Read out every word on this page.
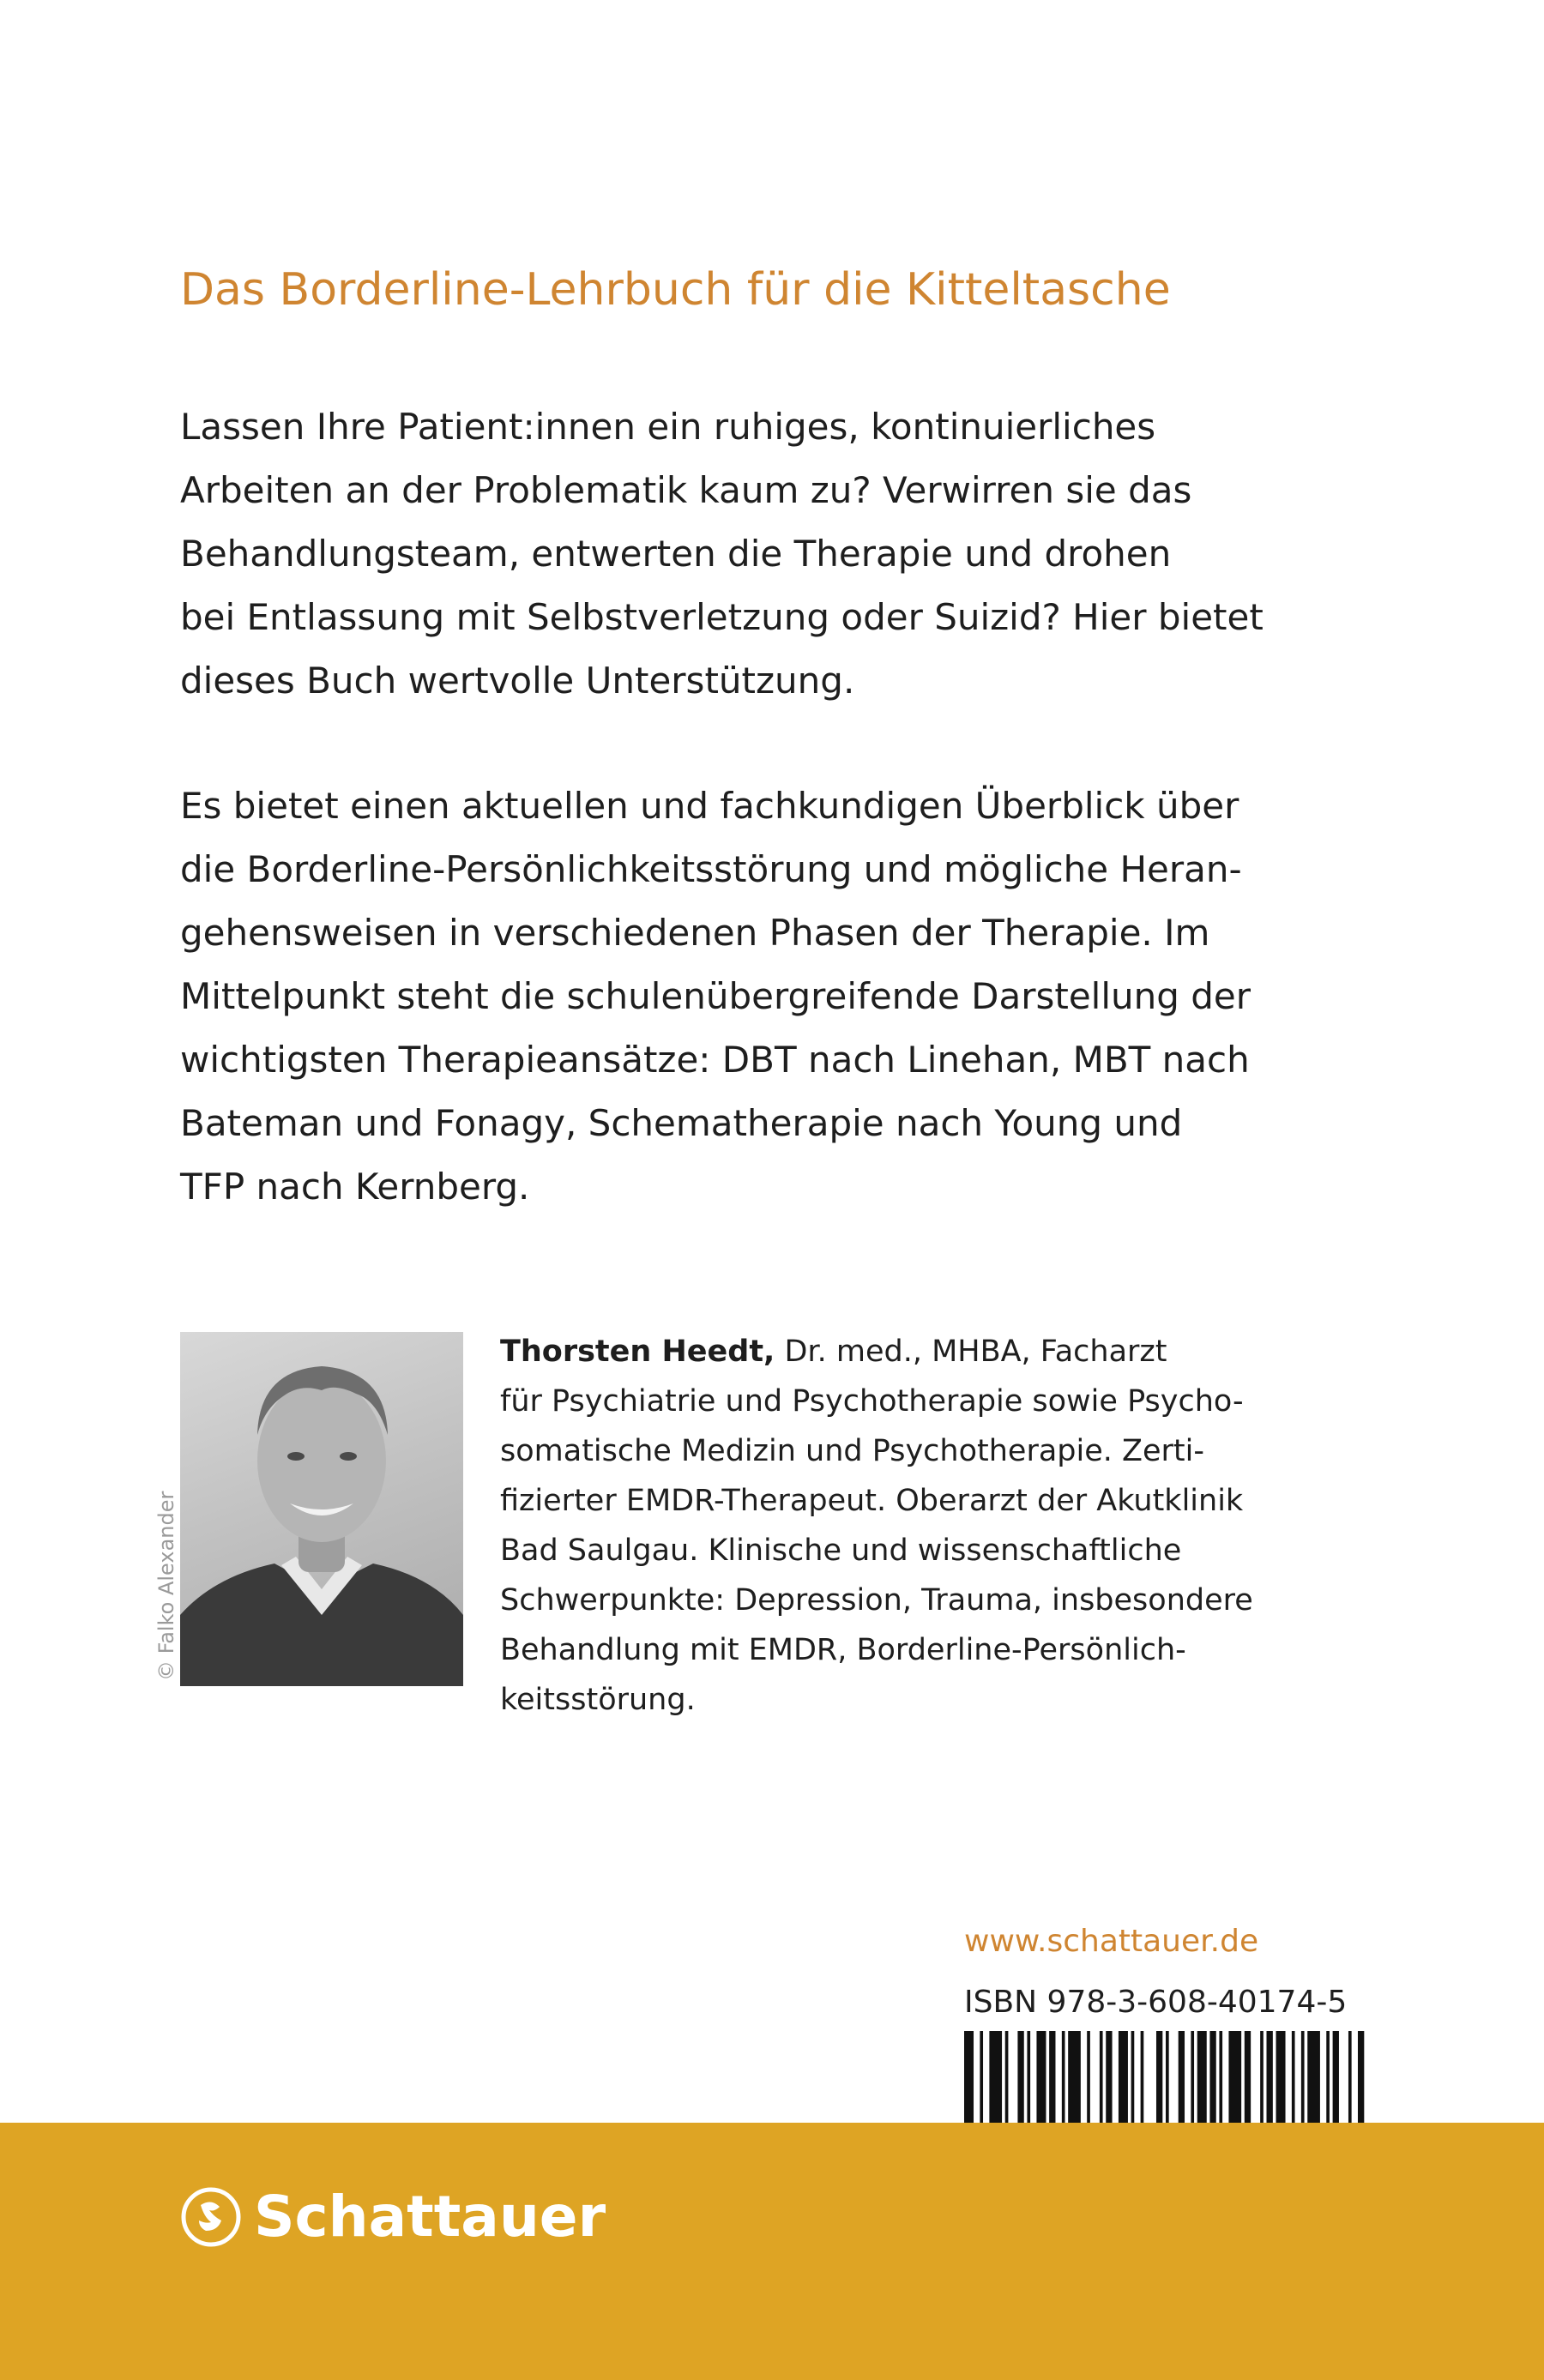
Das Borderline-Lehrbuch für die Kitteltasche
Lassen Ihre Patient:innen ein ruhiges, kontinuierliches
Arbeiten an der Problematik kaum zu? Verwirren sie das
Behandlungsteam, entwerten die Therapie und drohen
bei Entlassung mit Selbstverletzung oder Suizid? Hier bietet
dieses Buch wertvolle Unterstützung.
Es bietet einen aktuellen und fachkundigen Überblick über
die Borderline-Persönlichkeitsstörung und mögliche Heran-
gehensweisen in verschiedenen Phasen der Therapie. Im
Mittelpunkt steht die schulenübergreifende Darstellung der
wichtigsten Therapieansätze: DBT nach Linehan, MBT nach
Bateman und Fonagy, Schematherapie nach Young und
TFP nach Kernberg.
© Falko Alexander
Thorsten Heedt, Dr. med., MHBA, Facharzt
für Psychiatrie und Psychotherapie sowie Psycho-
somatische Medizin und Psychotherapie. Zerti-
fizierter EMDR-Therapeut. Oberarzt der Akutklinik
Bad Saulgau. Klinische und wissenschaftliche
Schwerpunkte: Depression, Trauma, insbesondere
Behandlung mit EMDR, Borderline-Persönlich-
keitsstörung.
www.schattauer.de
ISBN 978-3-608-40174-5
Schattauer
